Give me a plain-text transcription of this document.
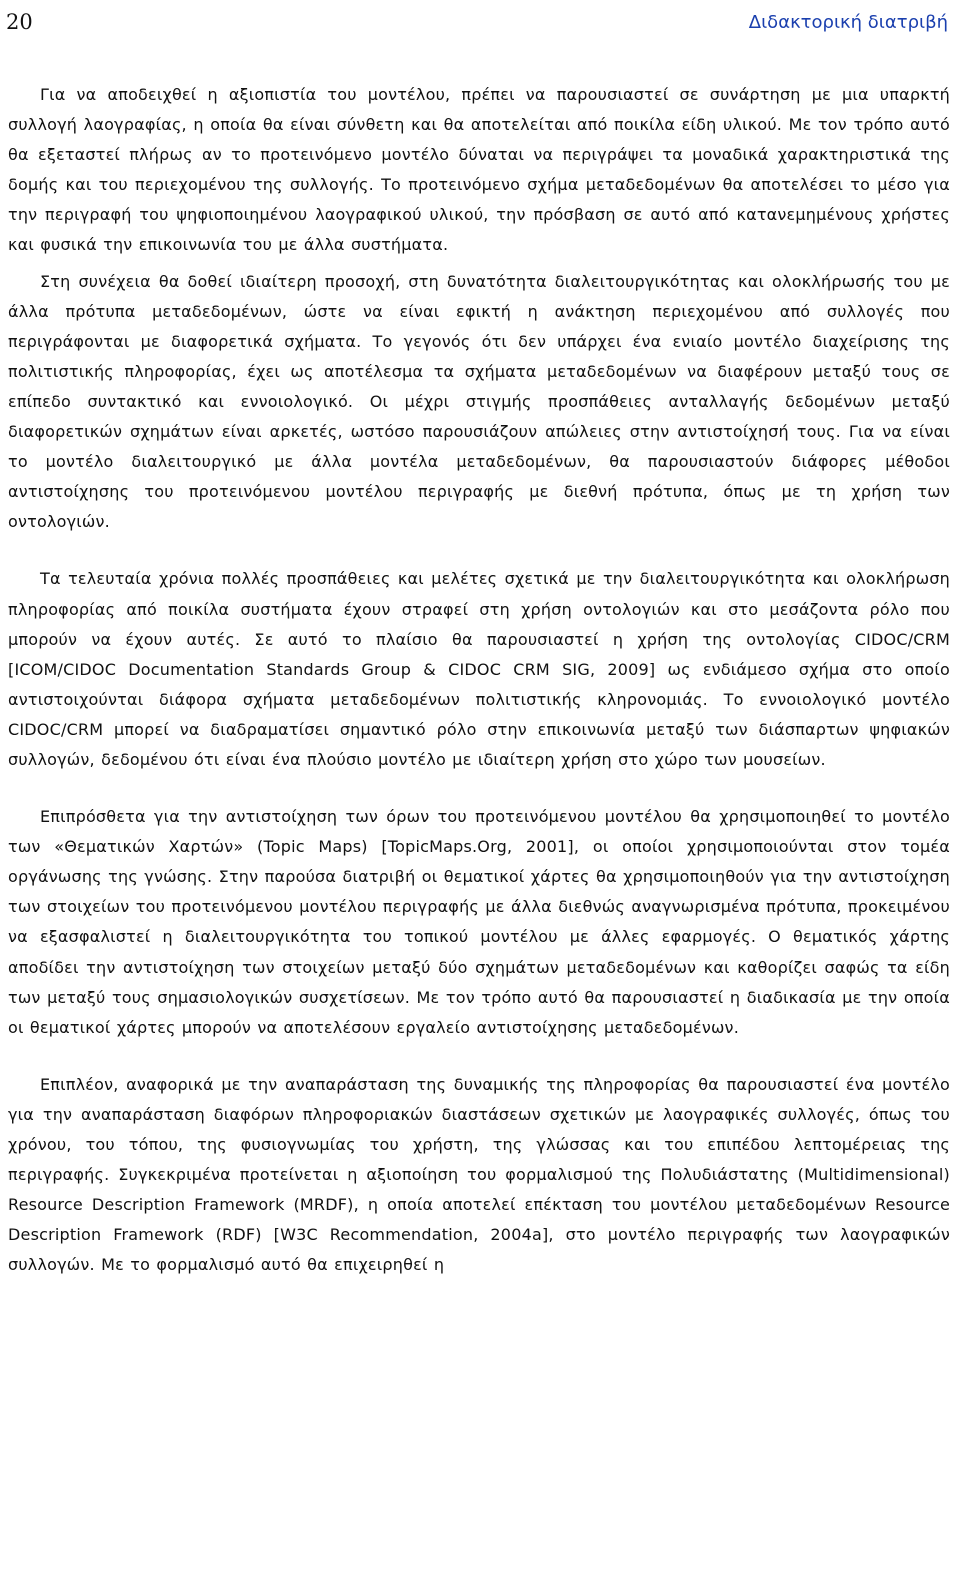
20	Διδακτορική διατριβή

Για να αποδειχθεί η αξιοπιστία του μοντέλου, πρέπει να παρουσιαστεί σε συνάρτηση με μια υπαρκτή συλλογή λαογραφίας, η οποία θα είναι σύνθετη και θα αποτελείται από ποικίλα είδη υλικού. Με τον τρόπο αυτό θα εξεταστεί πλήρως αν το προτεινόμενο μοντέλο δύναται να περιγράψει τα μοναδικά χαρακτηριστικά της δομής και του περιεχομένου της συλλογής. Το προτεινόμενο σχήμα μεταδεδομένων θα αποτελέσει το μέσο για την περιγραφή του ψηφιοποιημένου λαογραφικού υλικού, την πρόσβαση σε αυτό από κατανεμημένους χρήστες και φυσικά την επικοινωνία του με άλλα συστήματα.

Στη συνέχεια θα δοθεί ιδιαίτερη προσοχή, στη δυνατότητα διαλειτουργικότητας και ολοκλήρωσής του με άλλα πρότυπα μεταδεδομένων, ώστε να είναι εφικτή η ανάκτηση περιεχομένου από συλλογές που περιγράφονται με διαφορετικά σχήματα. Το γεγονός ότι δεν υπάρχει ένα ενιαίο μοντέλο διαχείρισης της πολιτιστικής πληροφορίας, έχει ως αποτέλεσμα τα σχήματα μεταδεδομένων να διαφέρουν μεταξύ τους σε επίπεδο συντακτικό και εννοιολογικό. Οι μέχρι στιγμής προσπάθειες ανταλλαγής δεδομένων μεταξύ διαφορετικών σχημάτων είναι αρκετές, ωστόσο παρουσιάζουν απώλειες στην αντιστοίχησή τους. Για να είναι το μοντέλο διαλειτουργικό με άλλα μοντέλα μεταδεδομένων, θα παρουσιαστούν διάφορες μέθοδοι αντιστοίχησης του προτεινόμενου μοντέλου περιγραφής με διεθνή πρότυπα, όπως με τη χρήση των οντολογιών.

Τα τελευταία χρόνια πολλές προσπάθειες και μελέτες σχετικά με την διαλειτουργικότητα και ολοκλήρωση πληροφορίας από ποικίλα συστήματα έχουν στραφεί στη χρήση οντολογιών και στο μεσάζοντα ρόλο που μπορούν να έχουν αυτές. Σε αυτό το πλαίσιο θα παρουσιαστεί η χρήση της οντολογίας CIDOC/CRM [ICOM/CIDOC Documentation Standards Group & CIDOC CRM SIG, 2009] ως ενδιάμεσο σχήμα στο οποίο αντιστοιχούνται διάφορα σχήματα μεταδεδομένων πολιτιστικής κληρονομιάς. Το εννοιολογικό μοντέλο CIDOC/CRM μπορεί να διαδραματίσει σημαντικό ρόλο στην επικοινωνία μεταξύ των διάσπαρτων ψηφιακών συλλογών, δεδομένου ότι είναι ένα πλούσιο μοντέλο με ιδιαίτερη χρήση στο χώρο των μουσείων.

Επιπρόσθετα για την αντιστοίχηση των όρων του προτεινόμενου μοντέλου θα χρησιμοποιηθεί το μοντέλο των «Θεματικών Χαρτών» (Topic Maps) [TopicMaps.Org, 2001], οι οποίοι χρησιμοποιούνται στον τομέα οργάνωσης της γνώσης. Στην παρούσα διατριβή οι θεματικοί χάρτες θα χρησιμοποιηθούν για την αντιστοίχηση των στοιχείων του προτεινόμενου μοντέλου περιγραφής με άλλα διεθνώς αναγνωρισμένα πρότυπα, προκειμένου να εξασφαλιστεί η διαλειτουργικότητα του τοπικού μοντέλου με άλλες εφαρμογές. Ο θεματικός χάρτης αποδίδει την αντιστοίχηση των στοιχείων μεταξύ δύο σχημάτων μεταδεδομένων και καθορίζει σαφώς τα είδη των μεταξύ τους σημασιολογικών συσχετίσεων. Με τον τρόπο αυτό θα παρουσιαστεί η διαδικασία με την οποία οι θεματικοί χάρτες μπορούν να αποτελέσουν εργαλείο αντιστοίχησης μεταδεδομένων.

Επιπλέον, αναφορικά με την αναπαράσταση της δυναμικής της πληροφορίας θα παρουσιαστεί ένα μοντέλο για την αναπαράσταση διαφόρων πληροφοριακών διαστάσεων σχετικών με λαογραφικές συλλογές, όπως του χρόνου, του τόπου, της φυσιογνωμίας του χρήστη, της γλώσσας και του επιπέδου λεπτομέρειας της περιγραφής. Συγκεκριμένα προτείνεται η αξιοποίηση του φορμαλισμού της Πολυδιάστατης (Multidimensional) Resource Description Framework (MRDF), η οποία αποτελεί επέκταση του μοντέλου μεταδεδομένων Resource Description Framework (RDF) [W3C Recommendation, 2004a], στο μοντέλο περιγραφής των λαογραφικών συλλογών. Με το φορμαλισμό αυτό θα επιχειρηθεί η
